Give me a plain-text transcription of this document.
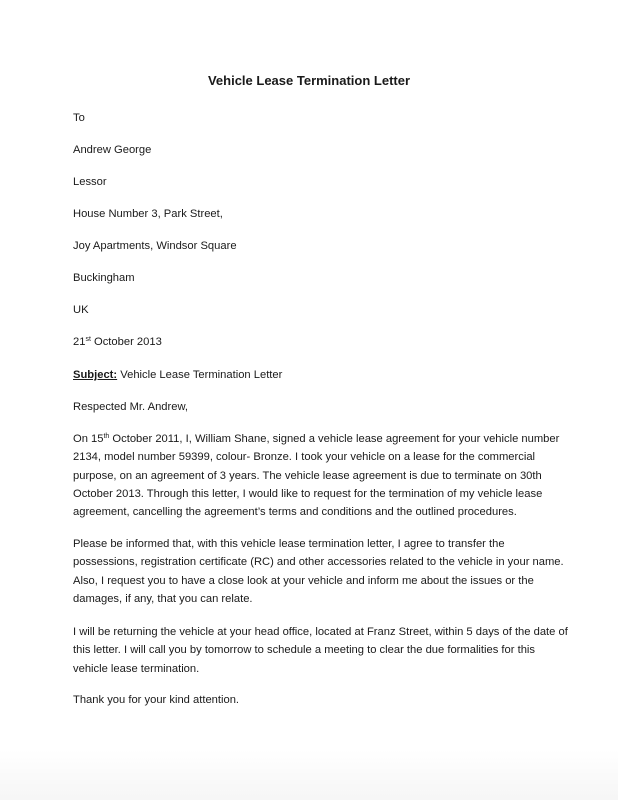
Vehicle Lease Termination Letter

To

Andrew George

Lessor

House Number 3, Park Street,

Joy Apartments, Windsor Square

Buckingham

UK

21st October 2013

Subject: Vehicle Lease Termination Letter

Respected Mr. Andrew,

On 15th October 2011, I, William Shane, signed a vehicle lease agreement for your vehicle number
2134, model number 59399, colour- Bronze. I took your vehicle on a lease for the commercial
purpose, on an agreement of 3 years. The vehicle lease agreement is due to terminate on 30th
October 2013. Through this letter, I would like to request for the termination of my vehicle lease
agreement, cancelling the agreement’s terms and conditions and the outlined procedures.
Please be informed that, with this vehicle lease termination letter, I agree to transfer the
possessions, registration certificate (RC) and other accessories related to the vehicle in your name.
Also, I request you to have a close look at your vehicle and inform me about the issues or the
damages, if any, that you can relate.
I will be returning the vehicle at your head office, located at Franz Street, within 5 days of the date of
this letter. I will call you by tomorrow to schedule a meeting to clear the due formalities for this
vehicle lease termination.

Thank you for your kind attention.
